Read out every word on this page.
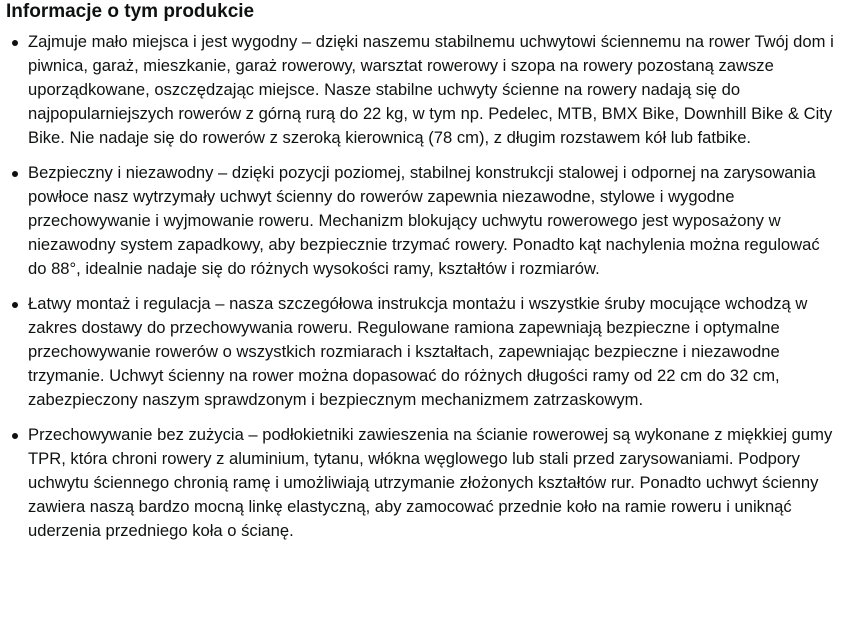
Informacje o tym produkcie
Zajmuje mało miejsca i jest wygodny – dzięki naszemu stabilnemu uchwytowi ściennemu na rower Twój dom i piwnica, garaż, mieszkanie, garaż rowerowy, warsztat rowerowy i szopa na rowery pozostaną zawsze uporządkowane, oszczędzając miejsce. Nasze stabilne uchwyty ścienne na rowery nadają się do najpopularniejszych rowerów z górną rurą do 22 kg, w tym np. Pedelec, MTB, BMX Bike, Downhill Bike & City Bike. Nie nadaje się do rowerów z szeroką kierownicą (78 cm), z długim rozstawem kół lub fatbike.
Bezpieczny i niezawodny – dzięki pozycji poziomej, stabilnej konstrukcji stalowej i odpornej na zarysowania powłoce nasz wytrzymały uchwyt ścienny do rowerów zapewnia niezawodne, stylowe i wygodne przechowywanie i wyjmowanie roweru. Mechanizm blokujący uchwytu rowerowego jest wyposażony w niezawodny system zapadkowy, aby bezpiecznie trzymać rowery. Ponadto kąt nachylenia można regulować do 88°, idealnie nadaje się do różnych wysokości ramy, kształtów i rozmiarów.
Łatwy montaż i regulacja – nasza szczegółowa instrukcja montażu i wszystkie śruby mocujące wchodzą w zakres dostawy do przechowywania roweru. Regulowane ramiona zapewniają bezpieczne i optymalne przechowywanie rowerów o wszystkich rozmiarach i kształtach, zapewniając bezpieczne i niezawodne trzymanie. Uchwyt ścienny na rower można dopasować do różnych długości ramy od 22 cm do 32 cm, zabezpieczony naszym sprawdzonym i bezpiecznym mechanizmem zatrzaskowym.
Przechowywanie bez zużycia – podłokietniki zawieszenia na ścianie rowerowej są wykonane z miękkiej gumy TPR, która chroni rowery z aluminium, tytanu, włókna węglowego lub stali przed zarysowaniami. Podpory uchwytu ściennego chronią ramę i umożliwiają utrzymanie złożonych kształtów rur. Ponadto uchwyt ścienny zawiera naszą bardzo mocną linkę elastyczną, aby zamocować przednie koło na ramie roweru i uniknąć uderzenia przedniego koła o ścianę.
